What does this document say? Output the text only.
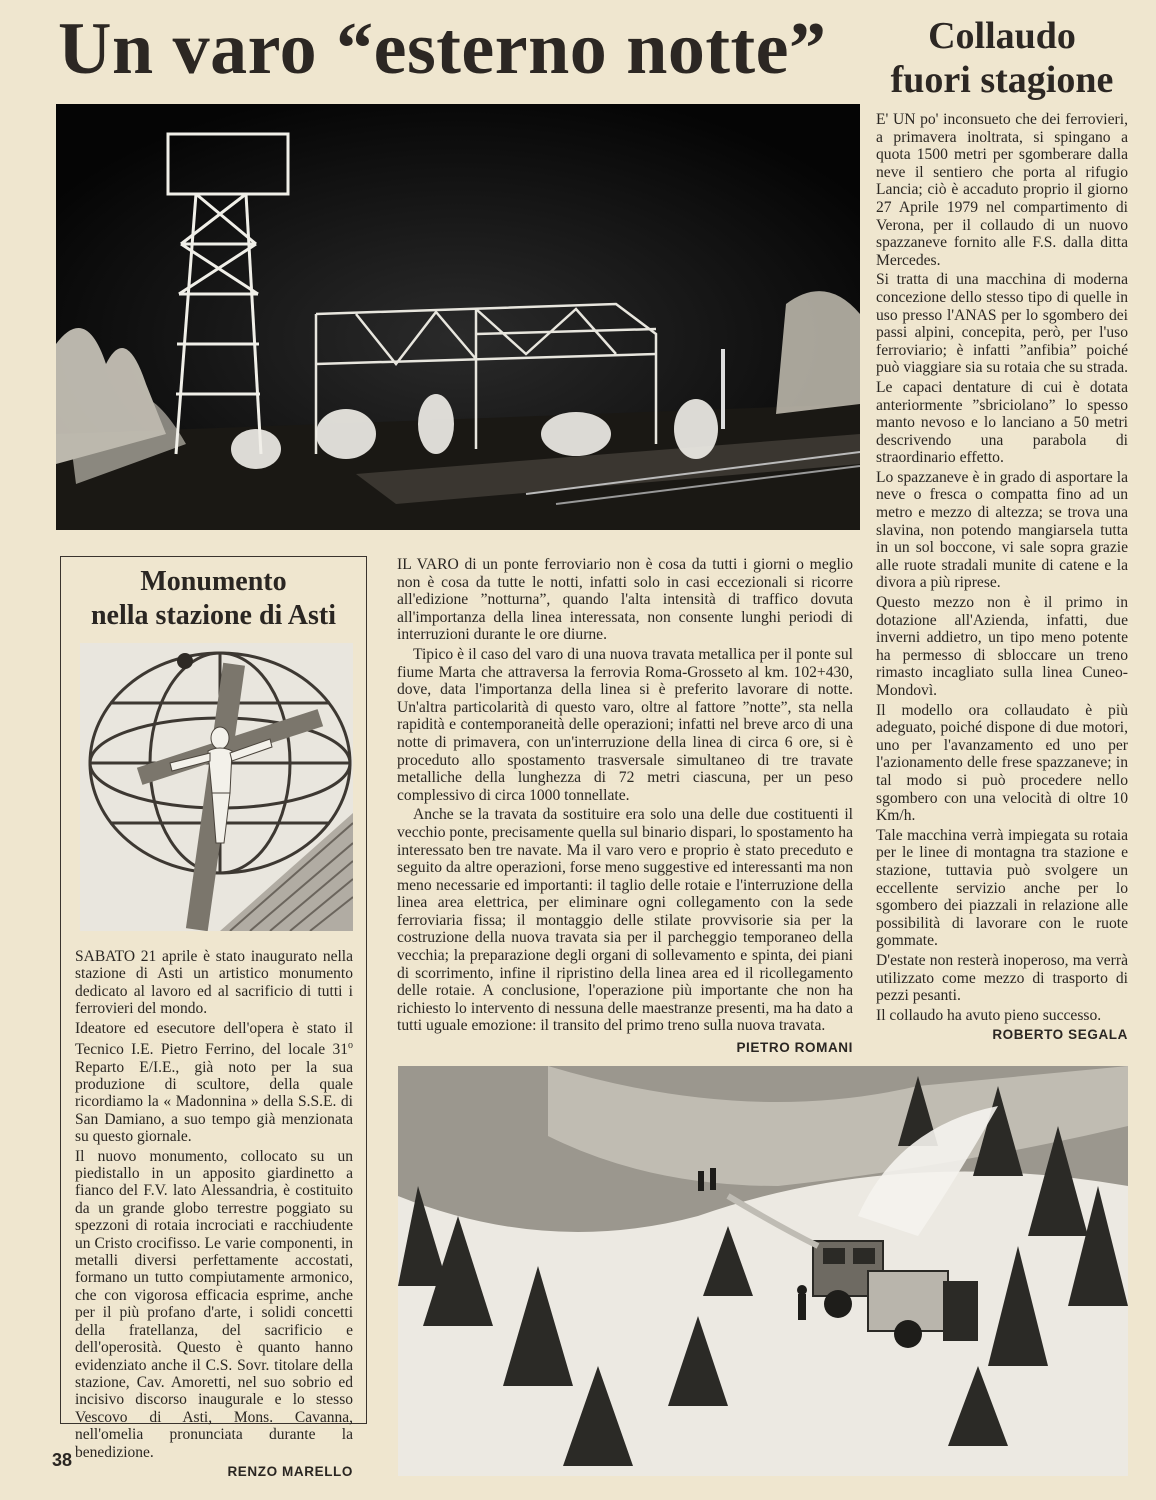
Un varo “esterno notte”	Collaudo
fuori stagione

E' UN po' inconsueto che dei ferrovieri, a primavera inoltrata, si spingano a quota 1500 metri per sgomberare dalla neve il sentiero che porta al rifugio Lancia; ciò è accaduto proprio il giorno 27 Aprile 1979 nel compartimento di Verona, per il collaudo di un nuovo spazzaneve fornito alle F.S. dalla ditta Mercedes.

Si tratta di una macchina di moderna concezione dello stesso tipo di quelle in uso presso l'ANAS per lo sgombero dei passi alpini, concepita, però, per l'uso ferroviario; è infatti ”anfibia” poiché può viaggiare sia su rotaia che su strada.

Le capaci dentature di cui è dotata anteriormente ”sbriciolano” lo spesso manto nevoso e lo lanciano a 50 metri descrivendo una parabola di straordinario effetto.

Lo spazzaneve è in grado di asportare la neve o fresca o compatta fino ad un metro e mezzo di altezza; se trova una slavina, non potendo mangiarsela tutta in un sol boccone, vi sale sopra grazie alle ruote stradali munite di catene e la divora a più riprese.

Questo mezzo non è il primo in dotazione all'Azienda, infatti, due inverni addietro, un tipo meno potente ha permesso di sbloccare un treno rimasto incagliato sulla linea Cuneo-Mondovì.

Il modello ora collaudato è più adeguato, poiché dispone di due motori, uno per l'avanzamento ed uno per l'azionamento delle frese spazzaneve; in tal modo si può procedere nello sgombero con una velocità di oltre 10 Km/h.

Tale macchina verrà impiegata su rotaia per le linee di montagna tra stazione e stazione, tuttavia può svolgere un eccellente servizio anche per lo sgombero dei piazzali in relazione alle possibilità di lavorare con le ruote gommate.

D'estate non resterà inoperoso, ma verrà utilizzato come mezzo di trasporto di pezzi pesanti.

Il collaudo ha avuto pieno successo.

ROBERTO SEGALA

IL VARO di un ponte ferroviario non è cosa da tutti i giorni o meglio non è cosa da tutte le notti, infatti solo in casi eccezionali si ricorre all'edizione ”notturna”, quando l'alta intensità di traffico dovuta all'importanza della linea interessata, non consente lunghi periodi di interruzioni durante le ore diurne.

Tipico è il caso del varo di una nuova travata metallica per il ponte sul fiume Marta che attraversa la ferrovia Roma-Grosseto al km. 102+430, dove, data l'importanza della linea si è preferito lavorare di notte. Un'altra particolarità di questo varo, oltre al fattore ”notte”, sta nella rapidità e contemporaneità delle operazioni; infatti nel breve arco di una notte di primavera, con un'interruzione della linea di circa 6 ore, si è proceduto allo spostamento trasversale simultaneo di tre travate metalliche della lunghezza di 72 metri ciascuna, per un peso complessivo di circa 1000 tonnellate.

Anche se la travata da sostituire era solo una delle due costituenti il vecchio ponte, precisamente quella sul binario dispari, lo spostamento ha interessato ben tre navate. Ma il varo vero e proprio è stato preceduto e seguito da altre operazioni, forse meno suggestive ed interessanti ma non meno necessarie ed importanti: il taglio delle rotaie e l'interruzione della linea area elettrica, per eliminare ogni collegamento con la sede ferroviaria fissa; il montaggio delle stilate provvisorie sia per la costruzione della nuova travata sia per il parcheggio temporaneo della vecchia; la preparazione degli organi di sollevamento e spinta, dei piani di scorrimento, infine il ripristino della linea area ed il ricollegamento delle rotaie. A conclusione, l'operazione più importante che non ha richiesto lo intervento di nessuna delle maestranze presenti, ma ha dato a tutti uguale emozione: il transito del primo treno sulla nuova travata.

PIETRO ROMANI
Monumento
nella stazione di Asti

SABATO 21 aprile è stato inaugurato nella stazione di Asti un artistico monumento dedicato al lavoro ed al sacrificio di tutti i ferrovieri del mondo.

Ideatore ed esecutore dell'opera è stato il Tecnico I.E. Pietro Ferrino, del locale 31$^o$ Reparto E/I.E., già noto per la sua produzione di scultore, della quale ricordiamo la « Madonnina » della S.S.E. di San Damiano, a suo tempo già menzionata su questo giornale.

Il nuovo monumento, collocato su un piedistallo in un apposito giardinetto a fianco del F.V. lato Alessandria, è costituito da un grande globo terrestre poggiato su spezzoni di rotaia incrociati e racchiudente un Cristo crocifisso. Le varie componenti, in metalli diversi perfettamente accostati, formano un tutto compiutamente armonico, che con vigorosa efficacia esprime, anche per il più profano d'arte, i solidi concetti della fratellanza, del sacrificio e dell'operosità. Questo è quanto hanno evidenziato anche il C.S. Sovr. titolare della stazione, Cav. Amoretti, nel suo sobrio ed incisivo discorso inaugurale e lo stesso Vescovo di Asti, Mons. Cavanna, nell'omelia pronunciata durante la benedizione.

RENZO MARELLO
38
